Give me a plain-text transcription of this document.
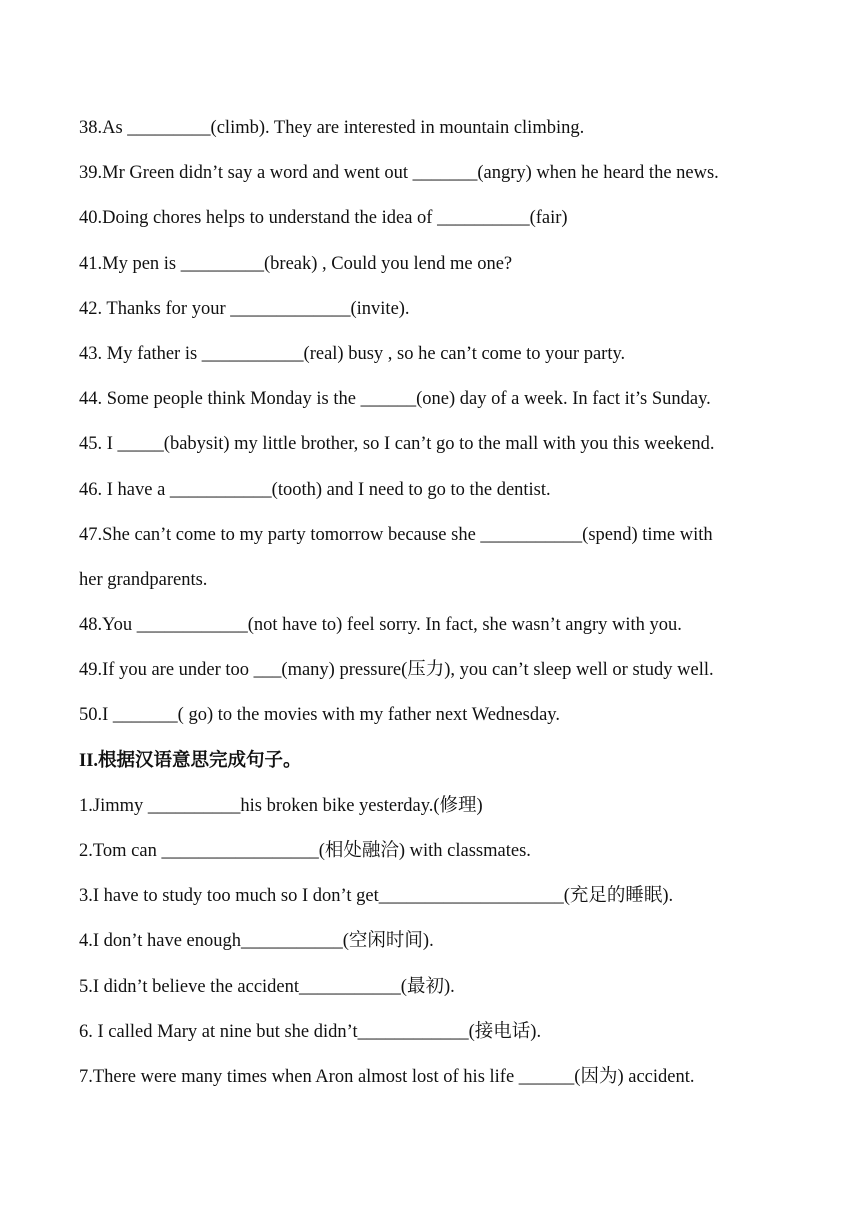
38.As _________(climb). They are interested in mountain climbing.
39.Mr Green didn’t say a word and went out _______(angry) when he heard the news.
40.Doing chores helps to understand the idea of __________(fair)
41.My pen is _________(break) , Could you lend me one?
42. Thanks for your _____________(invite).
43. My father is ___________(real) busy , so he can’t come to your party.
44. Some people think Monday is the ______(one) day of a week. In fact it’s Sunday.
45. I _____(babysit) my little brother, so I can’t go to the mall with you this weekend.
46. I have a ___________(tooth) and I need to go to the dentist.
47.She can’t come to my party tomorrow because she ___________(spend) time with
her grandparents.
48.You ____________(not have to) feel sorry. In fact, she wasn’t angry with you.
49.If you are under too ___(many) pressure(压力), you can’t sleep well or study well.
50.I _______( go) to the movies with my father next Wednesday.
II.根据汉语意思完成句子。
1.Jimmy __________his broken bike yesterday.(修理)
2.Tom can _________________(相处融洽) with classmates.
3.I have to study too much so I don’t get____________________(充足的睡眠).
4.I don’t have enough___________(空闲时间).
5.I didn’t believe the accident___________(最初).
6. I called Mary at nine but she didn’t____________(接电话).
7.There were many times when Aron almost lost of his life ______(因为) accident.
